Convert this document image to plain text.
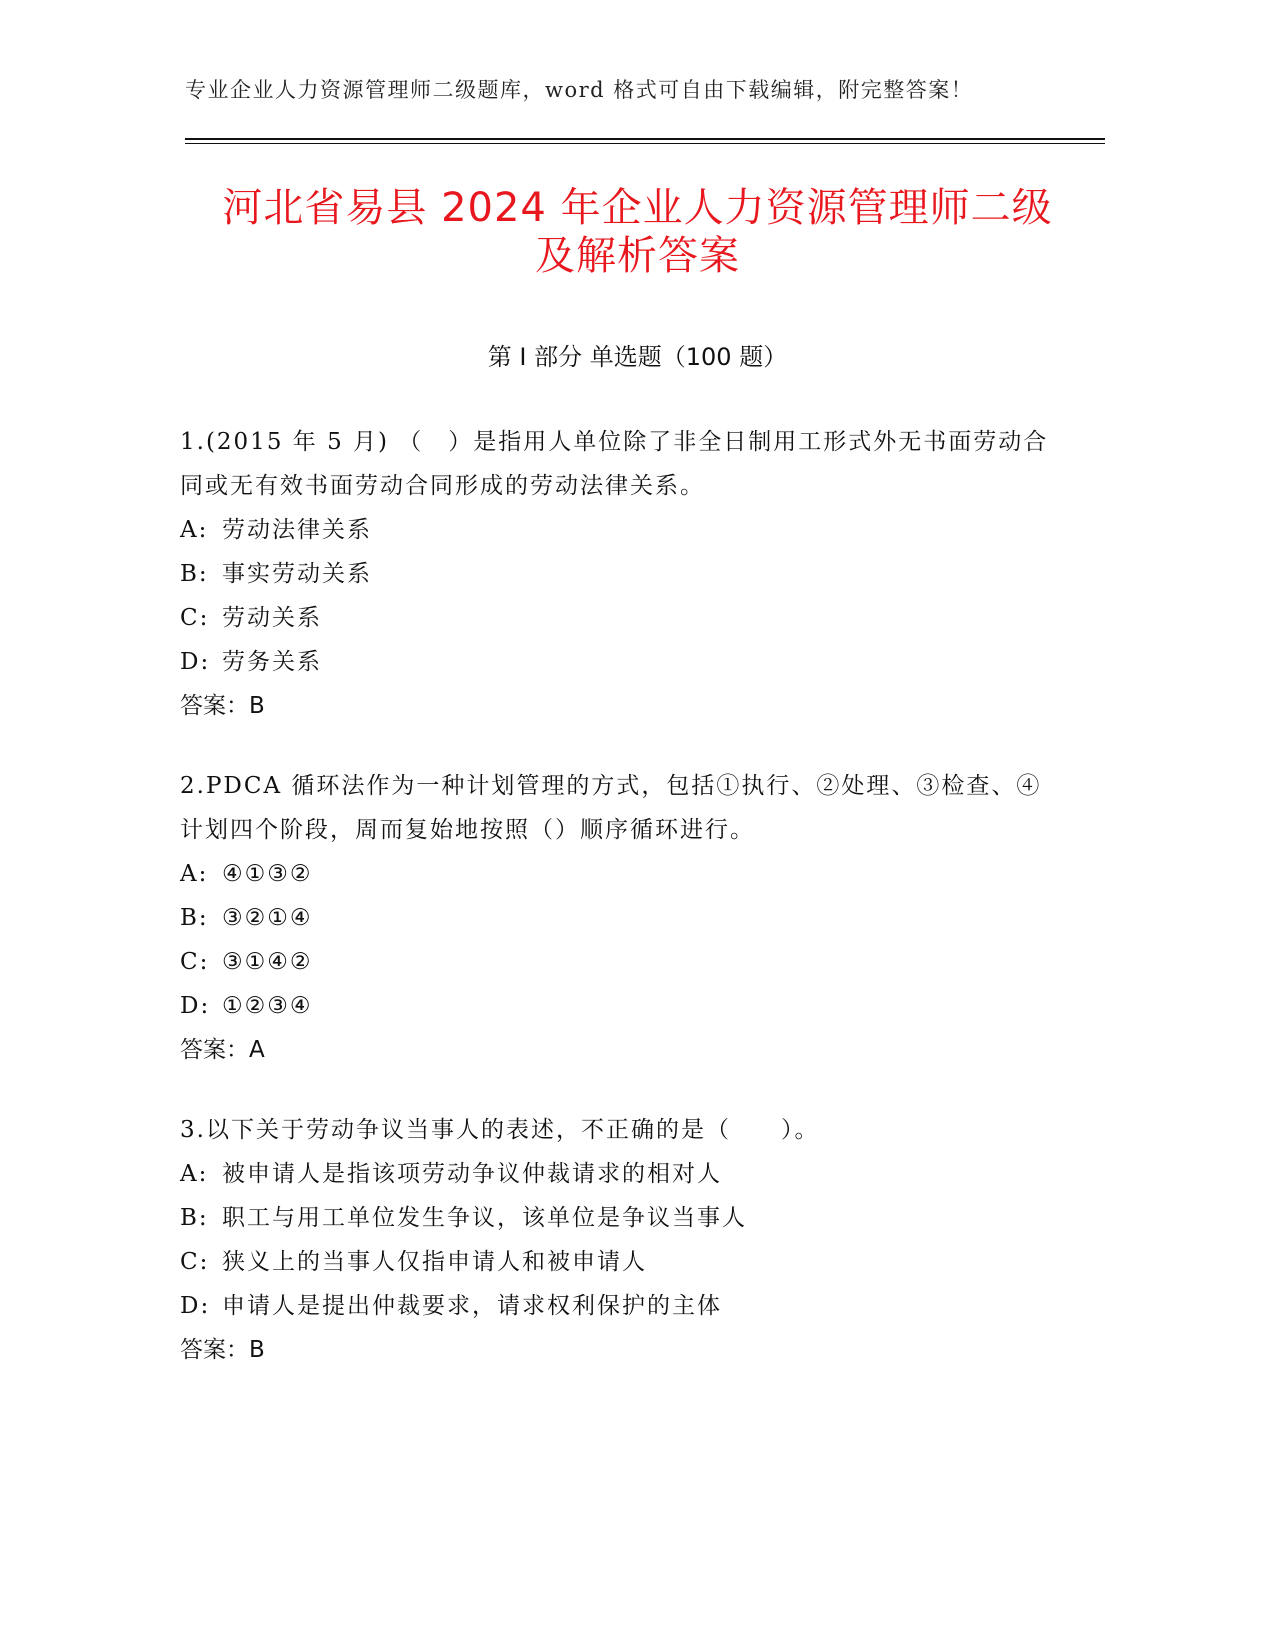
专业企业人力资源管理师二级题库，word 格式可自由下载编辑，附完整答案！
河北省易县 2024 年企业人力资源管理师二级
及解析答案
第 I 部分 单选题（100 题）

1.(2015 年 5 月) （　）是指用人单位除了非全日制用工形式外无书面劳动合同或无有效书面劳动合同形成的劳动法律关系。

A: 劳动法律关系

B: 事实劳动关系

C: 劳动关系

D: 劳务关系

答案：B

2.PDCA 循环法作为一种计划管理的方式，包括①执行、②处理、③检查、④计划四个阶段，周而复始地按照（）顺序循环进行。

A: ④①③②

B: ③②①④

C: ③①④②

D: ①②③④

答案：A

3.以下关于劳动争议当事人的表述，不正确的是（　　）。

A: 被申请人是指该项劳动争议仲裁请求的相对人

B: 职工与用工单位发生争议，该单位是争议当事人

C: 狭义上的当事人仅指申请人和被申请人

D: 申请人是提出仲裁要求，请求权利保护的主体

答案：B
